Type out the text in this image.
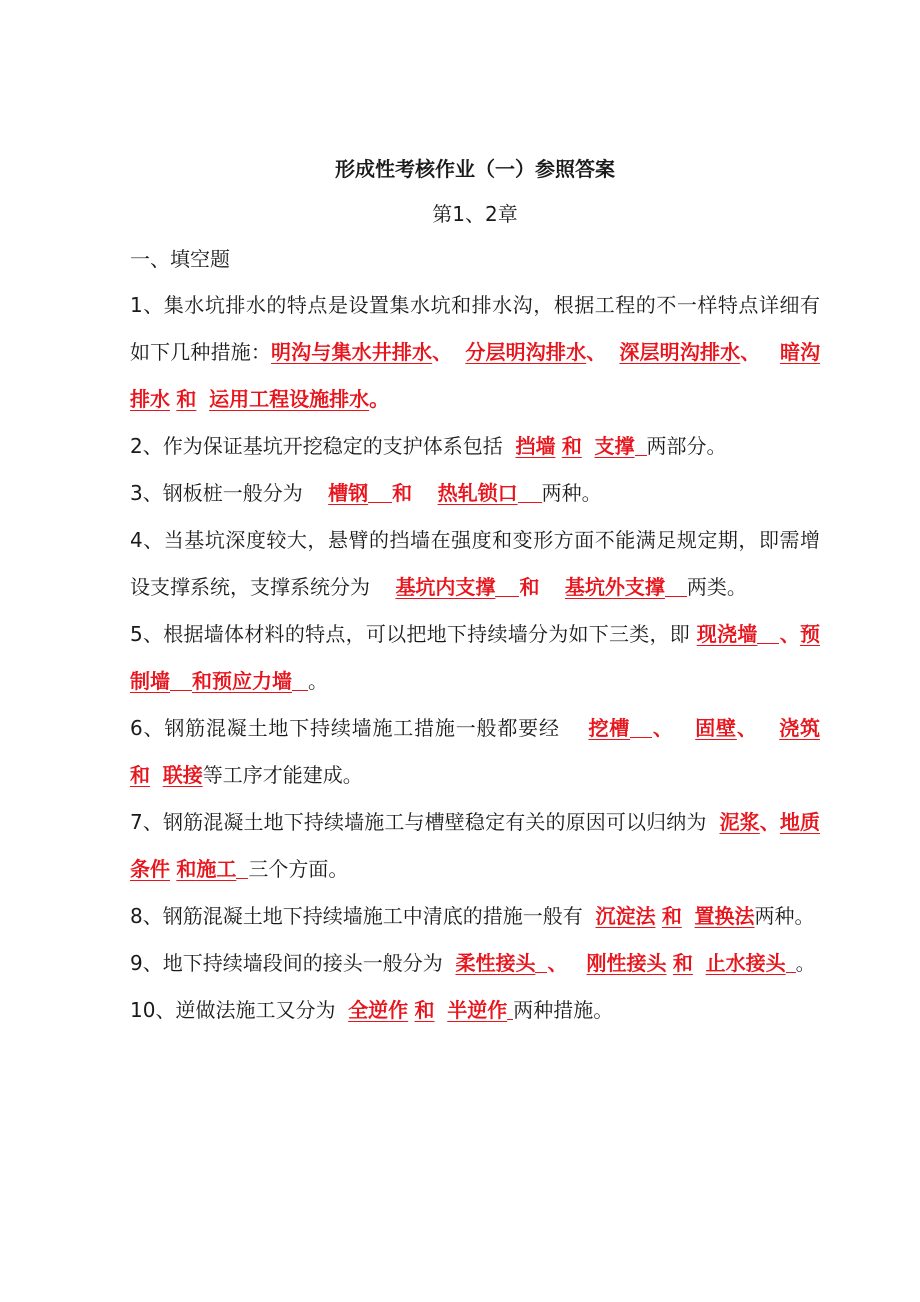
形成性考核作业（一）参照答案

第1、2章

一、填空题

1、集水坑排水的特点是设置集水坑和排水沟，根据工程的不一样特点详细有如下几种措施：明沟与集水井排水、 分层明沟排水、 深层明沟排水、 暗沟排水 和 运用工程设施排水。

2、作为保证基坑开挖稳定的支护体系包括 挡墙 和 支撑 两部分。

3、钢板桩一般分为 槽钢 和 热轧锁口 两种。

4、当基坑深度较大，悬臂的挡墙在强度和变形方面不能满足规定期，即需增设支撑系统，支撑系统分为 基坑内支撑 和 基坑外支撑 两类。

5、根据墙体材料的特点，可以把地下持续墙分为如下三类，即 现浇墙 、预制墙 和预应力墙 。

6、钢筋混凝土地下持续墙施工措施一般都要经 挖槽 、 固壁、 浇筑 和 联接等工序才能建成。

7、钢筋混凝土地下持续墙施工与槽壁稳定有关的原因可以归纳为 泥浆、地质条件 和施工 三个方面。

8、钢筋混凝土地下持续墙施工中清底的措施一般有 沉淀法 和 置换法两种。

9、地下持续墙段间的接头一般分为 柔性接头 、 刚性接头 和 止水接头 。

10、逆做法施工又分为 全逆作 和 半逆作 两种措施。
